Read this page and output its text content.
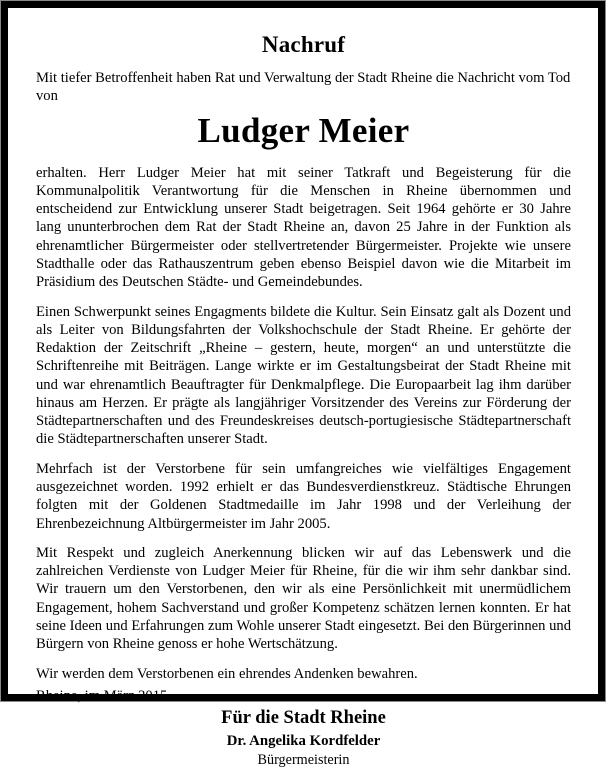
Nachruf

Mit tiefer Betroffenheit haben Rat und Verwaltung der Stadt Rheine die Nachricht vom Tod von

Ludger Meier

erhalten. Herr Ludger Meier hat mit seiner Tatkraft und Begeisterung für die Kommunalpolitik Verantwortung für die Menschen in Rheine übernommen und entscheidend zur Entwicklung unserer Stadt beigetragen. Seit 1964 gehörte er 30 Jahre lang ununterbrochen dem Rat der Stadt Rheine an, davon 25 Jahre in der Funktion als ehrenamtlicher Bürgermeister oder stellvertretender Bürgermeister. Projekte wie unsere Stadthalle oder das Rathauszentrum geben ebenso Beispiel davon wie die Mitarbeit im Präsidium des Deutschen Städte- und Gemeindebundes.

Einen Schwerpunkt seines Engagments bildete die Kultur. Sein Einsatz galt als Dozent und als Leiter von Bildungsfahrten der Volkshochschule der Stadt Rheine. Er gehörte der Redaktion der Zeitschrift „Rheine – gestern, heute, morgen“ an und unterstützte die Schriftenreihe mit Beiträgen. Lange wirkte er im Gestaltungsbeirat der Stadt Rheine mit und war ehrenamtlich Beauftragter für Denkmalpflege. Die Europaarbeit lag ihm darüber hinaus am Herzen. Er prägte als langjähriger Vorsitzender des Vereins zur Förderung der Städtepartnerschaften und des Freundeskreises deutsch-portugiesische Städtepartnerschaft die Städtepartnerschaften unserer Stadt.

Mehrfach ist der Verstorbene für sein umfangreiches wie vielfältiges Engagement ausgezeichnet worden. 1992 erhielt er das Bundesverdienstkreuz. Städtische Ehrungen folgten mit der Goldenen Stadtmedaille im Jahr 1998 und der Verleihung der Ehrenbezeichnung Altbürgermeister im Jahr 2005.

Mit Respekt und zugleich Anerkennung blicken wir auf das Lebenswerk und die zahlreichen Verdienste von Ludger Meier für Rheine, für die wir ihm sehr dankbar sind. Wir trauern um den Verstorbenen, den wir als eine Persönlichkeit mit unermüdlichem Engagement, hohem Sachverstand und großer Kompetenz schätzen lernen konnten. Er hat seine Ideen und Erfahrungen zum Wohle unserer Stadt eingesetzt. Bei den Bürgerinnen und Bürgern von Rheine genoss er hohe Wertschätzung.

Wir werden dem Verstorbenen ein ehrendes Andenken bewahren.

Rheine, im März 2015

Für die Stadt Rheine
Dr. Angelika Kordfelder
Bürgermeisterin
